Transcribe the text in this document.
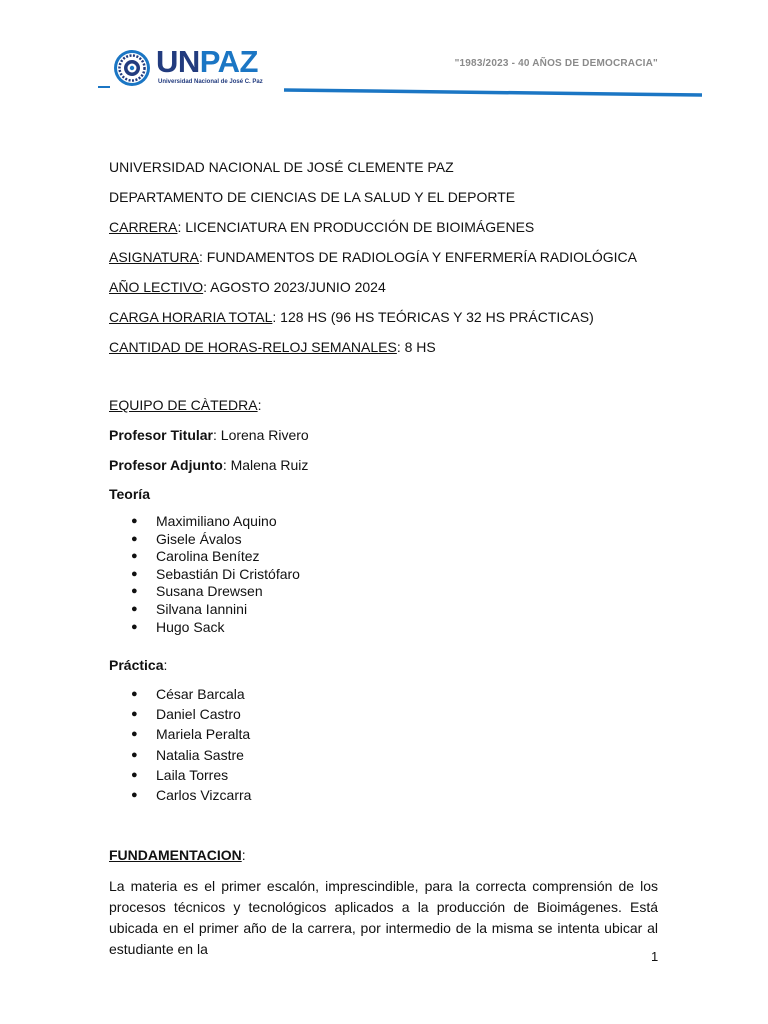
UNPAZ
Universidad Nacional de José C. Paz
"1983/2023 - 40 AÑOS DE DEMOCRACIA"
UNIVERSIDAD NACIONAL DE JOSÉ CLEMENTE PAZ
DEPARTAMENTO DE CIENCIAS DE LA SALUD Y EL DEPORTE
CARRERA: LICENCIATURA EN PRODUCCIÓN DE BIOIMÁGENES
ASIGNATURA: FUNDAMENTOS DE RADIOLOGÍA Y ENFERMERÍA RADIOLÓGICA
AÑO LECTIVO: AGOSTO 2023/JUNIO 2024
CARGA HORARIA TOTAL: 128 HS (96 HS TEÓRICAS Y 32 HS PRÁCTICAS)
CANTIDAD DE HORAS-RELOJ SEMANALES: 8 HS
EQUIPO DE CÀTEDRA:
Profesor Titular: Lorena Rivero
Profesor Adjunto: Malena Ruiz
Teoría
● Maximiliano Aquino
● Gisele Ávalos
● Carolina Benítez
● Sebastián Di Cristófaro
● Susana Drewsen
● Silvana Iannini
● Hugo Sack
Práctica:
● César Barcala
● Daniel Castro
● Mariela Peralta
● Natalia Sastre
● Laila Torres
● Carlos Vizcarra
FUNDAMENTACION:
La materia es el primer escalón, imprescindible, para la correcta comprensión de los procesos técnicos y tecnológicos aplicados a la producción de Bioimágenes. Está ubicada en el primer año de la carrera, por intermedio de la misma se intenta ubicar al estudiante en la	1
